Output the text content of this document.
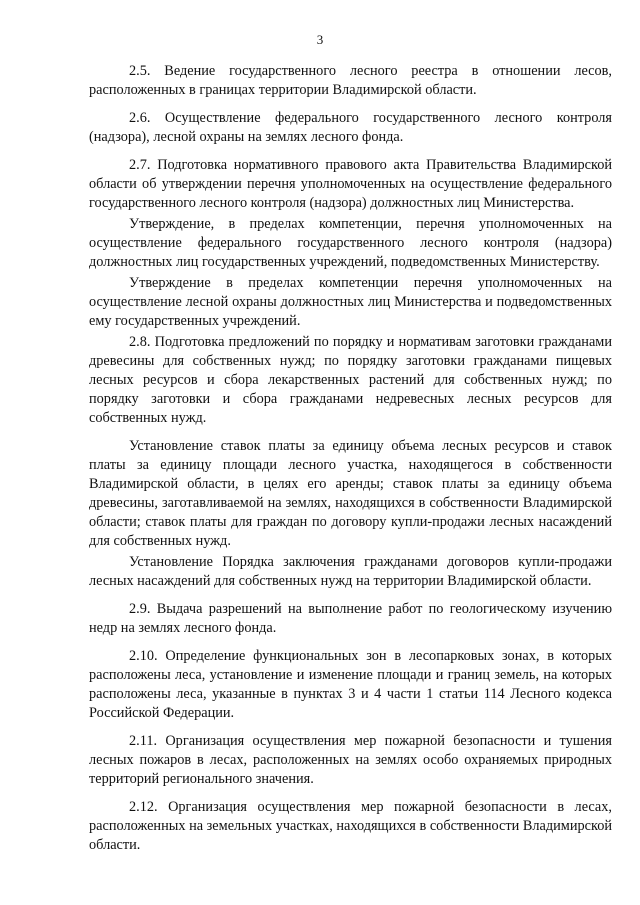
3

2.5. Ведение государственного лесного реестра в отношении лесов, расположенных в границах территории Владимирской области.

2.6. Осуществление федерального государственного лесного контроля (надзора), лесной охраны на землях лесного фонда.

2.7. Подготовка нормативного правового акта Правительства Владимирской области об утверждении перечня уполномоченных на осуществление федерального государственного лесного контроля (надзора) должностных лиц Министерства.

Утверждение, в пределах компетенции, перечня уполномоченных на осуществление федерального государственного лесного контроля (надзора) должностных лиц государственных учреждений, подведомственных Министерству.

Утверждение в пределах компетенции перечня уполномоченных на осуществление лесной охраны должностных лиц Министерства и подведомственных ему государственных учреждений.

2.8. Подготовка предложений по порядку и нормативам заготовки гражданами древесины для собственных нужд; по порядку заготовки гражданами пищевых лесных ресурсов и сбора лекарственных растений для собственных нужд; по порядку заготовки и сбора гражданами недревесных лесных ресурсов для собственных нужд.

Установление ставок платы за единицу объема лесных ресурсов и ставок платы за единицу площади лесного участка, находящегося в собственности Владимирской области, в целях его аренды; ставок платы за единицу объема древесины, заготавливаемой на землях, находящихся в собственности Владимирской области; ставок платы для граждан по договору купли-продажи лесных насаждений для собственных нужд.

Установление Порядка заключения гражданами договоров купли-продажи лесных насаждений для собственных нужд на территории Владимирской области.

2.9. Выдача разрешений на выполнение работ по геологическому изучению недр на землях лесного фонда.

2.10. Определение функциональных зон в лесопарковых зонах, в которых расположены леса, установление и изменение площади и границ земель, на которых расположены леса, указанные в пунктах 3 и 4 части 1 статьи 114 Лесного кодекса Российской Федерации.

2.11. Организация осуществления мер пожарной безопасности и тушения лесных пожаров в лесах, расположенных на землях особо охраняемых природных территорий регионального значения.

2.12. Организация осуществления мер пожарной безопасности в лесах, расположенных на земельных участках, находящихся в собственности Владимирской области.
